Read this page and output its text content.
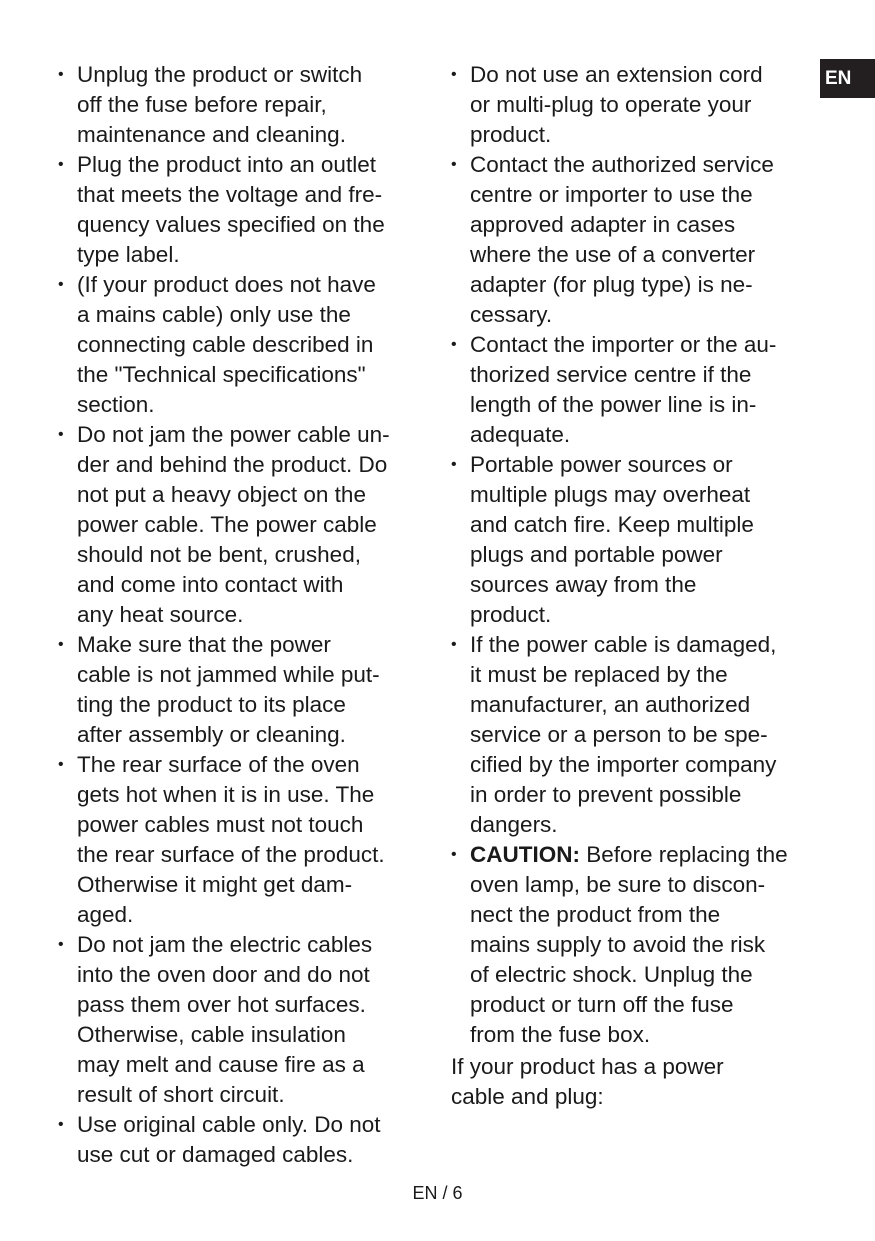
• Unplug the product or switch
off the fuse before repair,
maintenance and cleaning.
• Plug the product into an outlet
that meets the voltage and fre-
quency values specified on the
type label.
• (If your product does not have
a mains cable) only use the
connecting cable described in
the "Technical specifications"
section.
• Do not jam the power cable un-
der and behind the product. Do
not put a heavy object on the
power cable. The power cable
should not be bent, crushed,
and come into contact with
any heat source.
• Make sure that the power
cable is not jammed while put-
ting the product to its place
after assembly or cleaning.
• The rear surface of the oven
gets hot when it is in use. The
power cables must not touch
the rear surface of the product.
Otherwise it might get dam-
aged.
• Do not jam the electric cables
into the oven door and do not
pass them over hot surfaces.
Otherwise, cable insulation
may melt and cause fire as a
result of short circuit.
• Use original cable only. Do not
use cut or damaged cables.
• Do not use an extension cord
or multi-plug to operate your
product.
• Contact the authorized service
centre or importer to use the
approved adapter in cases
where the use of a converter
adapter (for plug type) is ne-
cessary.
• Contact the importer or the au-
thorized service centre if the
length of the power line is in-
adequate.
• Portable power sources or
multiple plugs may overheat
and catch fire. Keep multiple
plugs and portable power
sources away from the
product.
• If the power cable is damaged,
it must be replaced by the
manufacturer, an authorized
service or a person to be spe-
cified by the importer company
in order to prevent possible
dangers.
• CAUTION: Before replacing the
oven lamp, be sure to discon-
nect the product from the
mains supply to avoid the risk
of electric shock. Unplug the
product or turn off the fuse
from the fuse box.
If your product has a power
cable and plug:
EN
EN / 6
